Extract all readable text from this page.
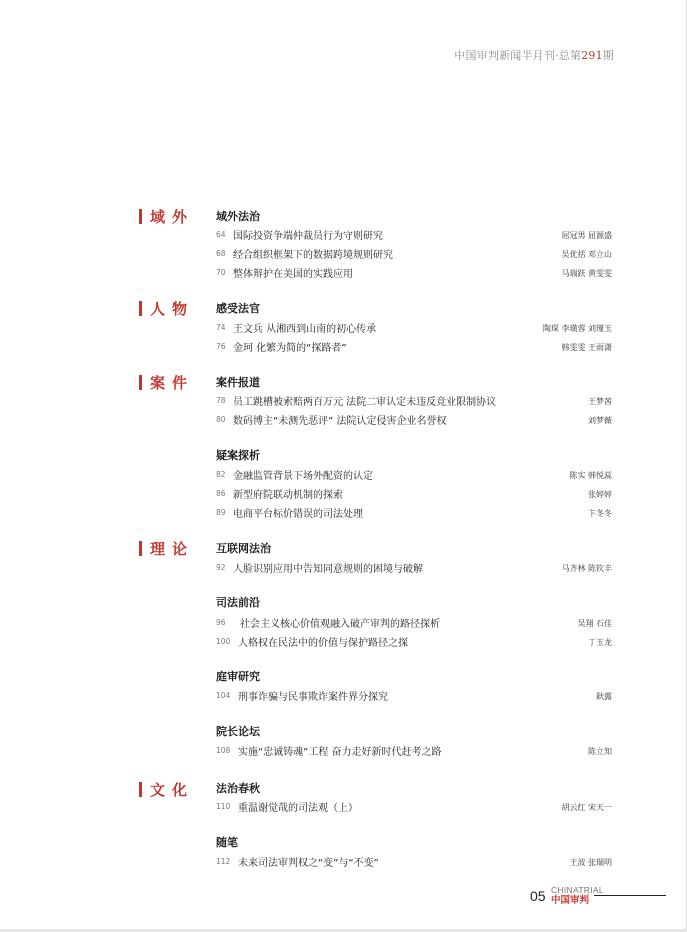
中国审判新闻半月刊·总第291期
域外
人物
案件
理论
文化
域外法治
感受法官
案件报道
疑案探析
互联网法治
司法前沿
庭审研究
院长论坛
法治春秋
随笔
64 国际投资争端仲裁员行为守则研究	屈冠男 屈源盛
68 经合组织框架下的数据跨境规则研究	吴优括 邓立山
70 整体辩护在美国的实践应用	马瑞跃 黄雯雯
74 王文兵 从湘西到山南的初心传承	陶琛 李璜蓉 刘瑾玉
76 金珂 化繁为简的“探路者”	韩雯雯 王雨潇
78 员工跳槽被索赔两百万元 法院二审认定未违反竞业限制协议	王梦茜
80 数码博主“未测先恶评” 法院认定侵害企业名誉权	刘梦薇
82 金融监管背景下场外配资的认定	陈实 韩悦蕊
86 新型府院联动机制的探索	张婷婷
89 电商平台标价错误的司法处理	卞冬冬
92 人脸识别应用中告知同意规则的困境与破解	马齐林 陈钦丰
96 社会主义核心价值观融入破产审判的路径探析	吴翔 石佳
100 人格权在民法中的价值与保护路径之探	丁玉龙
104 刑事诈骗与民事欺诈案件界分探究	耿露
108 实施“忠诚铸魂”工程 奋力走好新时代赶考之路	陈立知
110 重温谢觉哉的司法观（上）	胡云红 宋天一
112 未来司法审判权之“变”与“不变”	王波 张瑞明
05 CHINATRIAL
中国审判
